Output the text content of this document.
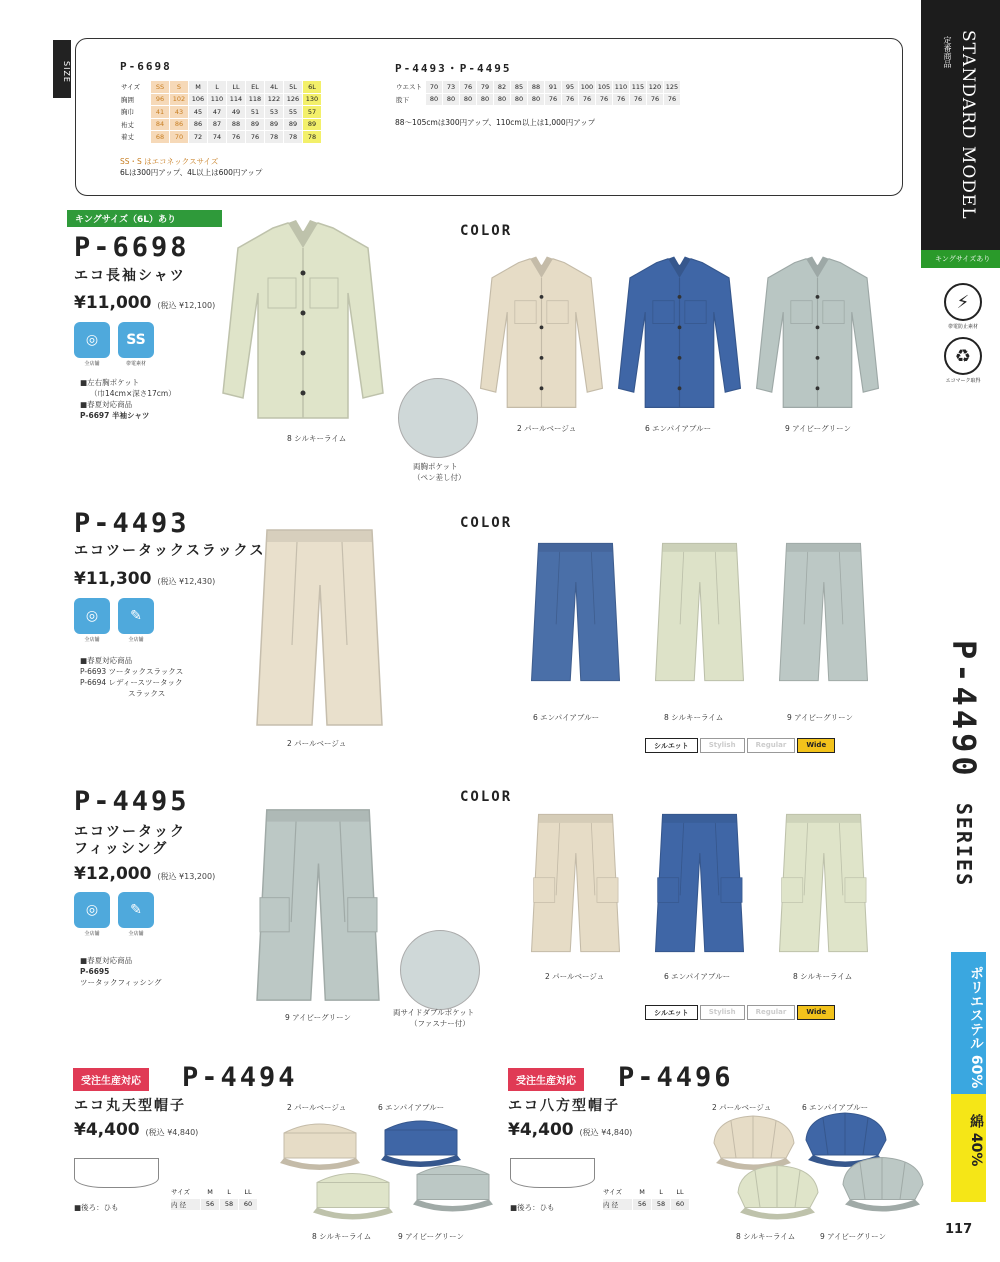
SIZE	P-6698
サイズ	SS	S	M	L	LL	EL	4L	5L	6L
胸囲	96	102	106	110	114	118	122	126	130
胸巾	41	43	45	47	49	51	53	55	57
裄丈	84	86	86	87	88	89	89	89	89
着丈	68	70	72	74	76	76	78	78	78
SS・S はエコネックスサイズ
6Lは300円アップ、4L以上は600円アップ
P-4493・P-4495
ウエスト	70	73	76	79	82	85	88	91	95	100	105	110	115	120	125
股下	80	80	80	80	80	80	80	76	76	76	76	76	76	76	76
88～105cmは300円アップ、110cm以上は1,000円アップ	STANDARD MODEL
定番商品
キングサイズあり
⚡
帯電防止素材
♻
エコマーク取得
P-4490 SERIES
ポリエステル 60%
綿 40%
117
キングサイズ（6L）あり
P-6698
エコ長袖シャツ
¥11,000 (税込 ¥12,100)
◎
全店舗
SS
帯電素材
■左右胸ポケット
（巾14cm×深さ17cm）
■春夏対応商品
P-6697 半袖シャツ
8 シルキーライム
両胸ポケット
（ペン差し付）
COLOR
2 パールベージュ	6 エンパイアブルー	9 アイビーグリーン
P-4493
エコツータックスラックス
¥11,300 (税込 ¥12,430)
◎
全店舗
✎
全店舗
■春夏対応商品
P-6693 ツータックスラックス
P-6694 レディースツータック
スラックス
2 パールベージュ
COLOR
6 エンパイアブルー	8 シルキーライム	9 アイビーグリーン
シルエット	Stylish	Regular	Wide
P-4495
エコツータック
フィッシング
¥12,000 (税込 ¥13,200)
◎
全店舗
✎
全店舗
■春夏対応商品
P-6695
ツータックフィッシング
9 アイビーグリーン
両サイドダブルポケット
（ファスナー付）
COLOR
2 パールベージュ	6 エンパイアブルー	8 シルキーライム
シルエット	Stylish	Regular	Wide
受注生産対応 P-4494
エコ丸天型帽子
¥4,400 (税込 ¥4,840)
■後ろ：ひも
サイズ	M	L	LL
内 径	56	58	60
2 パールベージュ	6 エンパイアブルー
8 シルキーライム	9 アイビーグリーン
受注生産対応 P-4496
エコ八方型帽子
¥4,400 (税込 ¥4,840)
■後ろ：ひも
サイズ	M	L	LL
内 径	56	58	60
2 パールベージュ	6 エンパイアブルー
8 シルキーライム	9 アイビーグリーン
